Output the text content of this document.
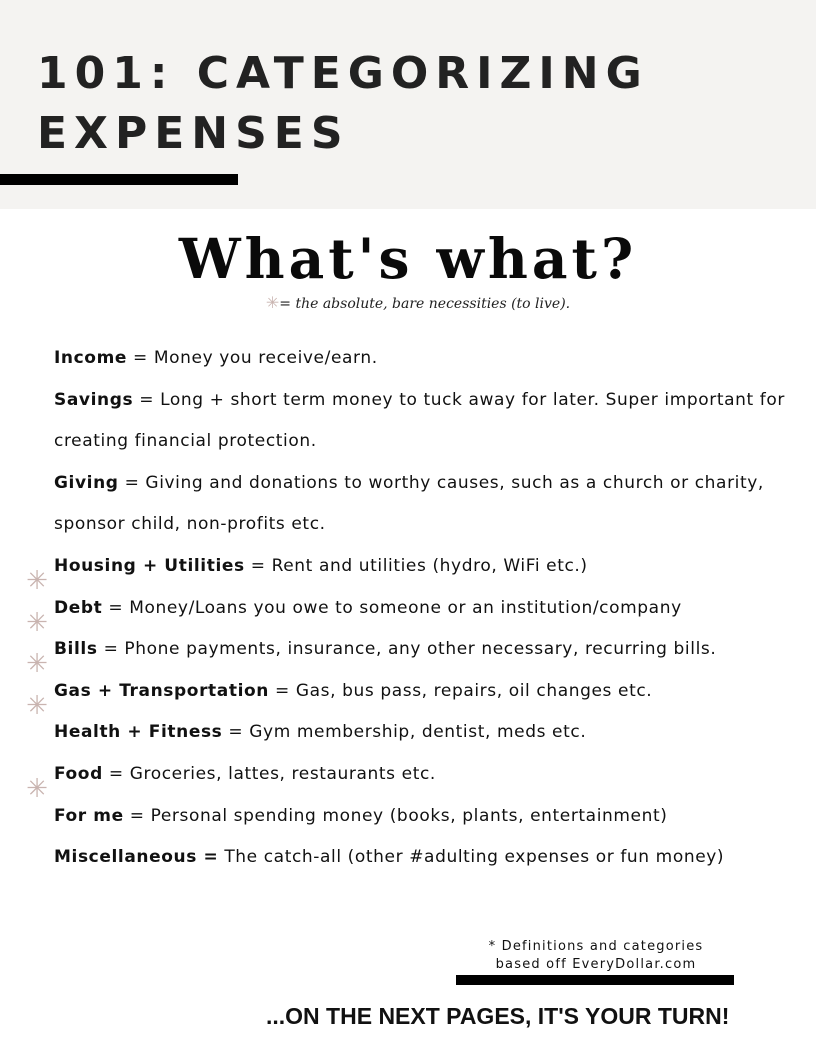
101: CATEGORIZING
EXPENSES
What's what?
✳= the absolute, bare necessities (to live).
Income = Money you receive/earn.
Savings = Long + short term money to tuck away for later. Super important for creating financial protection.
Giving = Giving and donations to worthy causes, such as a church or charity, sponsor child, non-profits etc.
Housing + Utilities = Rent and utilities (hydro, WiFi etc.)
✳
Debt = Money/Loans you owe to someone or an institution/company
✳
Bills = Phone payments, insurance, any other necessary, recurring bills.
✳
Gas + Transportation = Gas, bus pass, repairs, oil changes etc.
✳
Health + Fitness = Gym membership, dentist, meds etc.
Food = Groceries, lattes, restaurants etc.
✳
For me = Personal spending money (books, plants, entertainment)
Miscellaneous = The catch-all (other #adulting expenses or fun money)
* Definitions and categories
based off EveryDollar.com
...ON THE NEXT PAGES, IT'S YOUR TURN!
